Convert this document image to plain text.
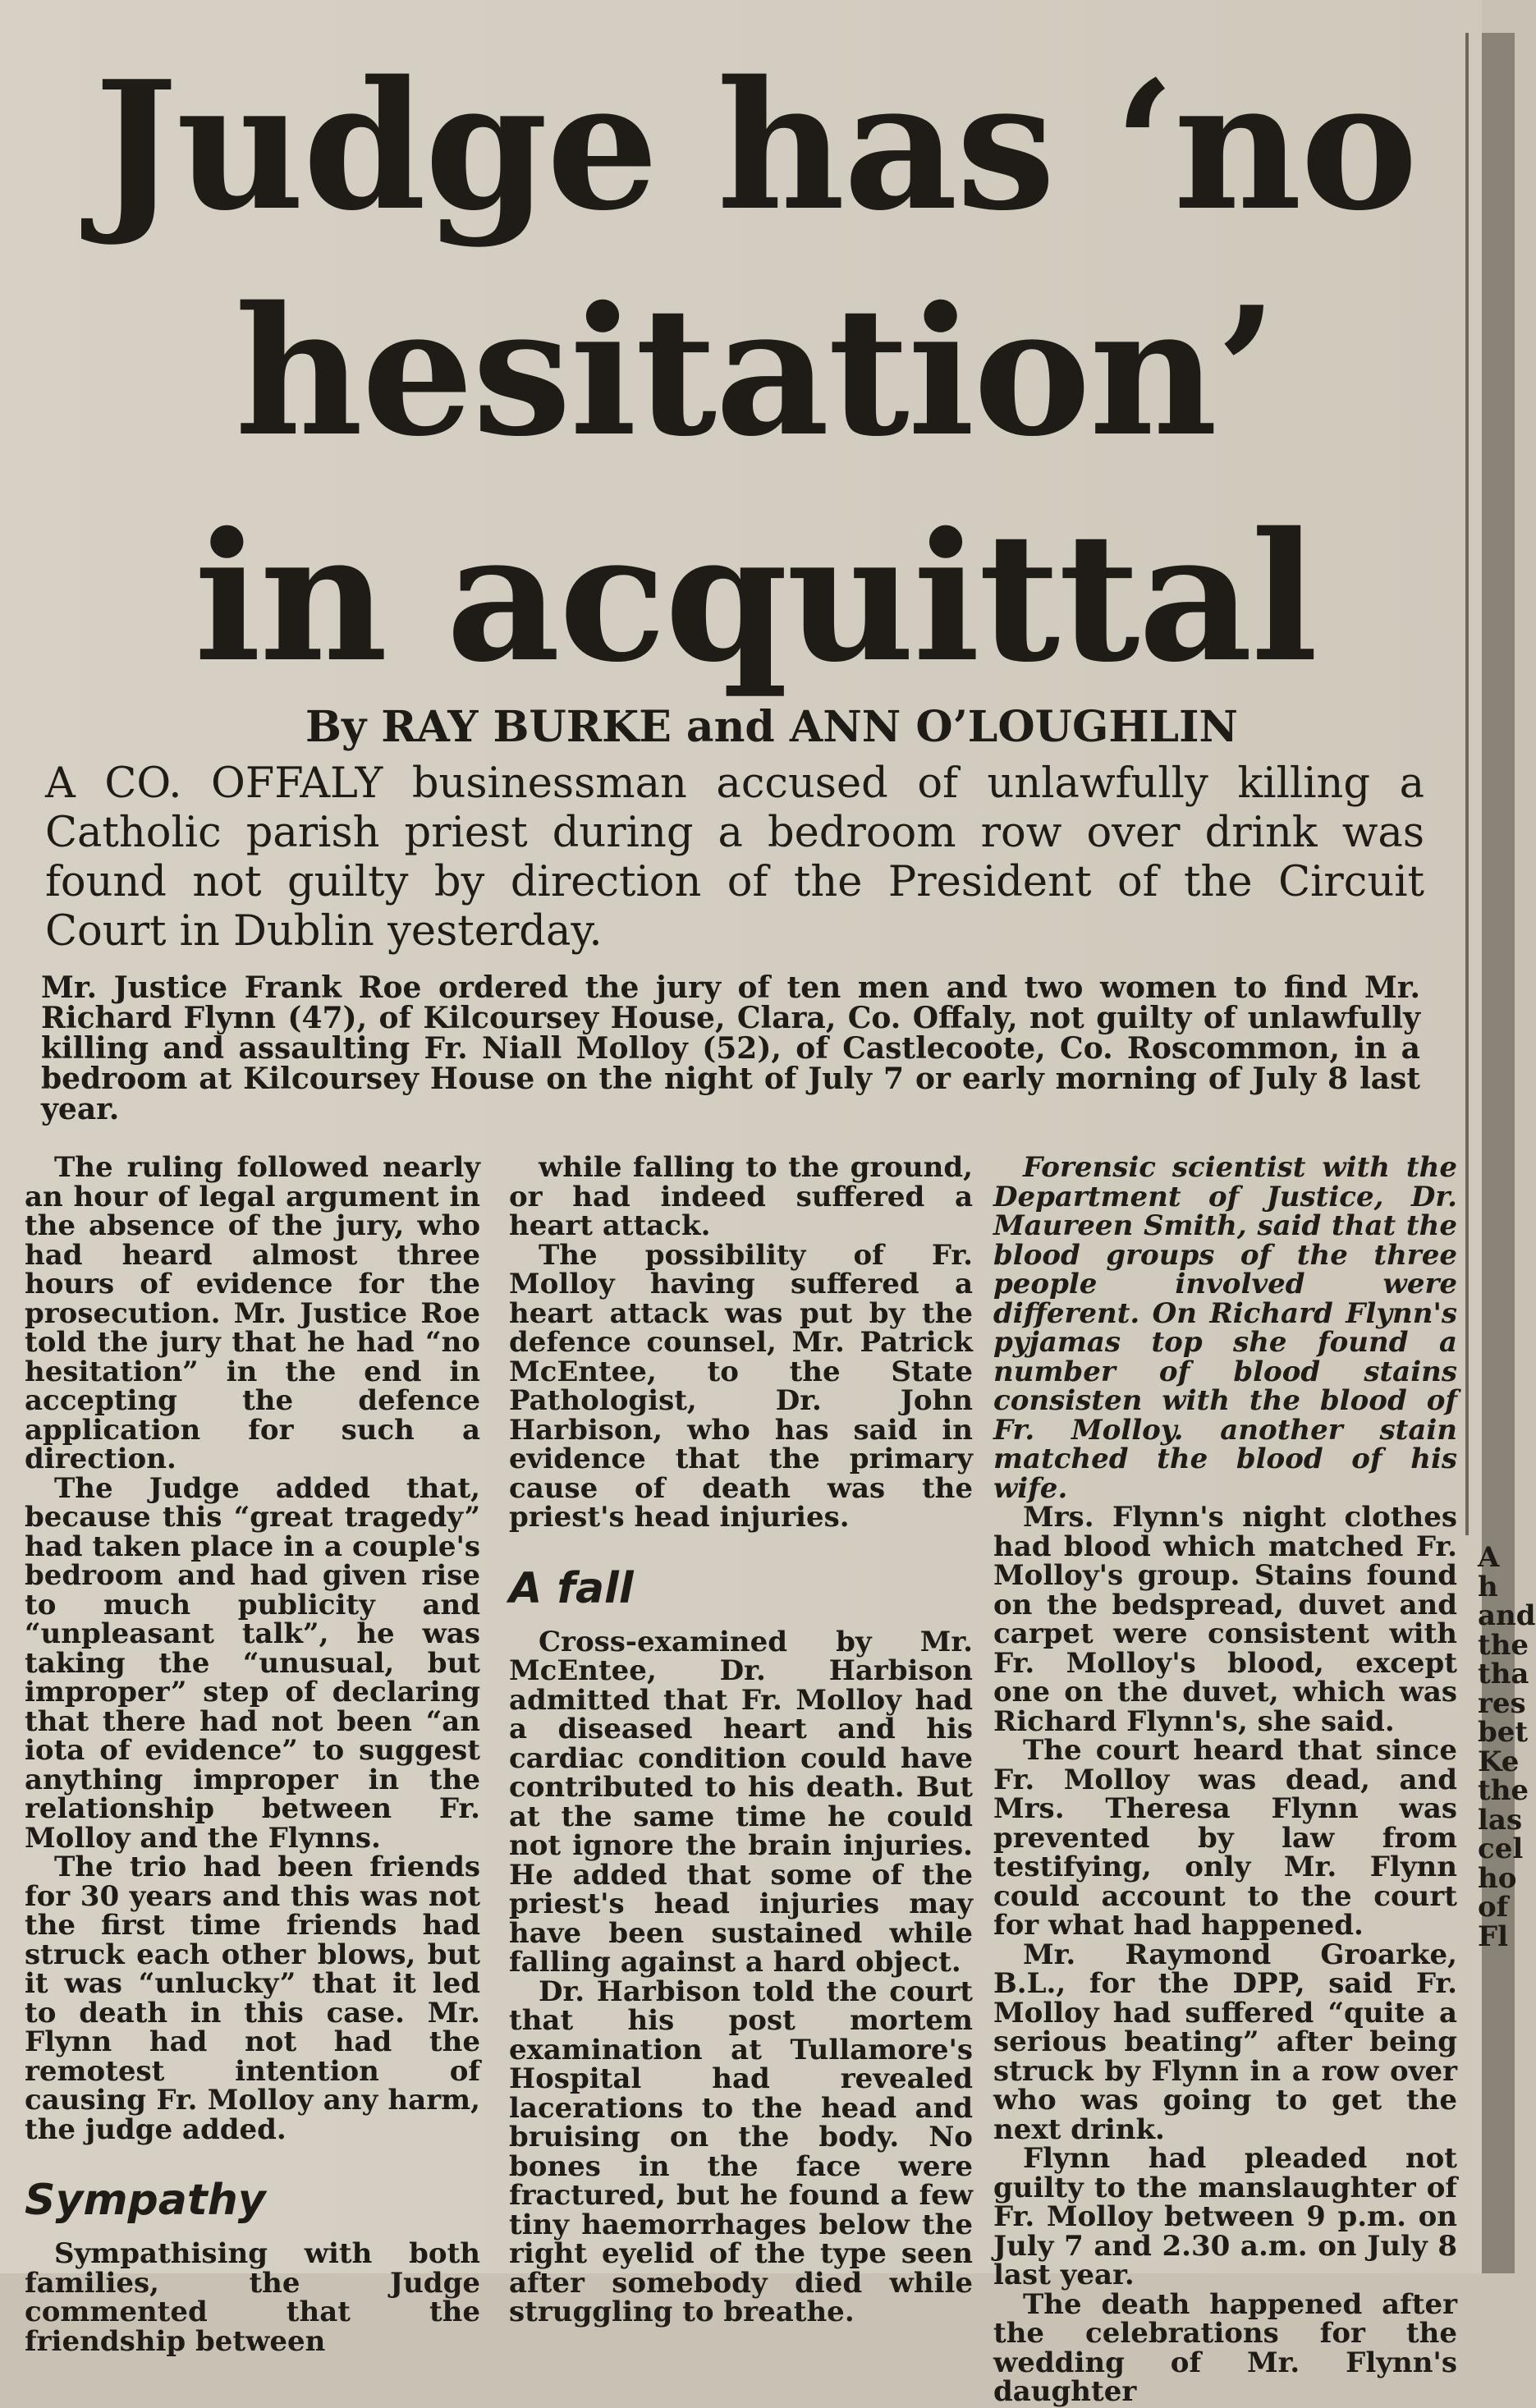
Judge has ‘no
hesitation’
in acquittal
By RAY BURKE and ANN O’LOUGHLIN
A CO. OFFALY businessman accused of unlawfully killing a Catholic parish priest during a bedroom row over drink was found not guilty by direction of the President of the Circuit Court in Dublin yesterday.
Mr. Justice Frank Roe ordered the jury of ten men and two women to find Mr. Richard Flynn (47), of Kilcoursey House, Clara, Co. Offaly, not guilty of unlawfully killing and assaulting Fr. Niall Molloy (52), of Castlecoote, Co. Roscommon, in a bedroom at Kilcoursey House on the night of July 7 or early morning of July 8 last year.

The ruling followed nearly an hour of legal argument in the absence of the jury, who had heard almost three hours of evidence for the prosecution. Mr. Justice Roe told the jury that he had “no hesitation” in the end in accepting the defence application for such a direction.

The Judge added that, because this “great tragedy” had taken place in a couple's bedroom and had given rise to much publicity and “unpleasant talk”, he was taking the “unusual, but improper” step of declaring that there had not been “an iota of evidence” to suggest anything improper in the relationship between Fr. Molloy and the Flynns.

The trio had been friends for 30 years and this was not the first time friends had struck each other blows, but it was “unlucky” that it led to death in this case. Mr. Flynn had not had the remotest intention of causing Fr. Molloy any harm, the judge added.

Sympathy

Sympathising with both families, the Judge commented that the friendship between

while falling to the ground, or had indeed suffered a heart attack.

The possibility of Fr. Molloy having suffered a heart attack was put by the defence counsel, Mr. Patrick McEntee, to the State Pathologist, Dr. John Harbison, who has said in evidence that the primary cause of death was the priest's head injuries.

A fall

Cross-examined by Mr. McEntee, Dr. Harbison admitted that Fr. Molloy had a diseased heart and his cardiac condition could have contributed to his death. But at the same time he could not ignore the brain injuries. He added that some of the priest's head injuries may have been sustained while falling against a hard object.

Dr. Harbison told the court that his post mortem examination at Tullamore's Hospital had revealed lacerations to the head and bruising on the body. No bones in the face were fractured, but he found a few tiny haemorrhages below the right eyelid of the type seen after somebody died while struggling to breathe.

Forensic scientist with the Department of Justice, Dr. Maureen Smith, said that the blood groups of the three people involved were different. On Richard Flynn's pyjamas top she found a number of blood stains consisten with the blood of Fr. Molloy. another stain matched the blood of his wife.

Mrs. Flynn's night clothes had blood which matched Fr. Molloy's group. Stains found on the bedspread, duvet and carpet were consistent with Fr. Molloy's blood, except one on the duvet, which was Richard Flynn's, she said.

The court heard that since Fr. Molloy was dead, and Mrs. Theresa Flynn was prevented by law from testifying, only Mr. Flynn could account to the court for what had happened.

Mr. Raymond Groarke, B.L., for the DPP, said Fr. Molloy had suffered “quite a serious beating” after being struck by Flynn in a row over who was going to get the next drink.

Flynn had pleaded not guilty to the manslaughter of Fr. Molloy between 9 p.m. on July 7 and 2.30 a.m. on July 8 last year.

The death happened after the celebrations for the wedding of Mr. Flynn's daughter

A
h
and
the
tha
res
bet
Ke
the
las
cel
ho
of
Fl
